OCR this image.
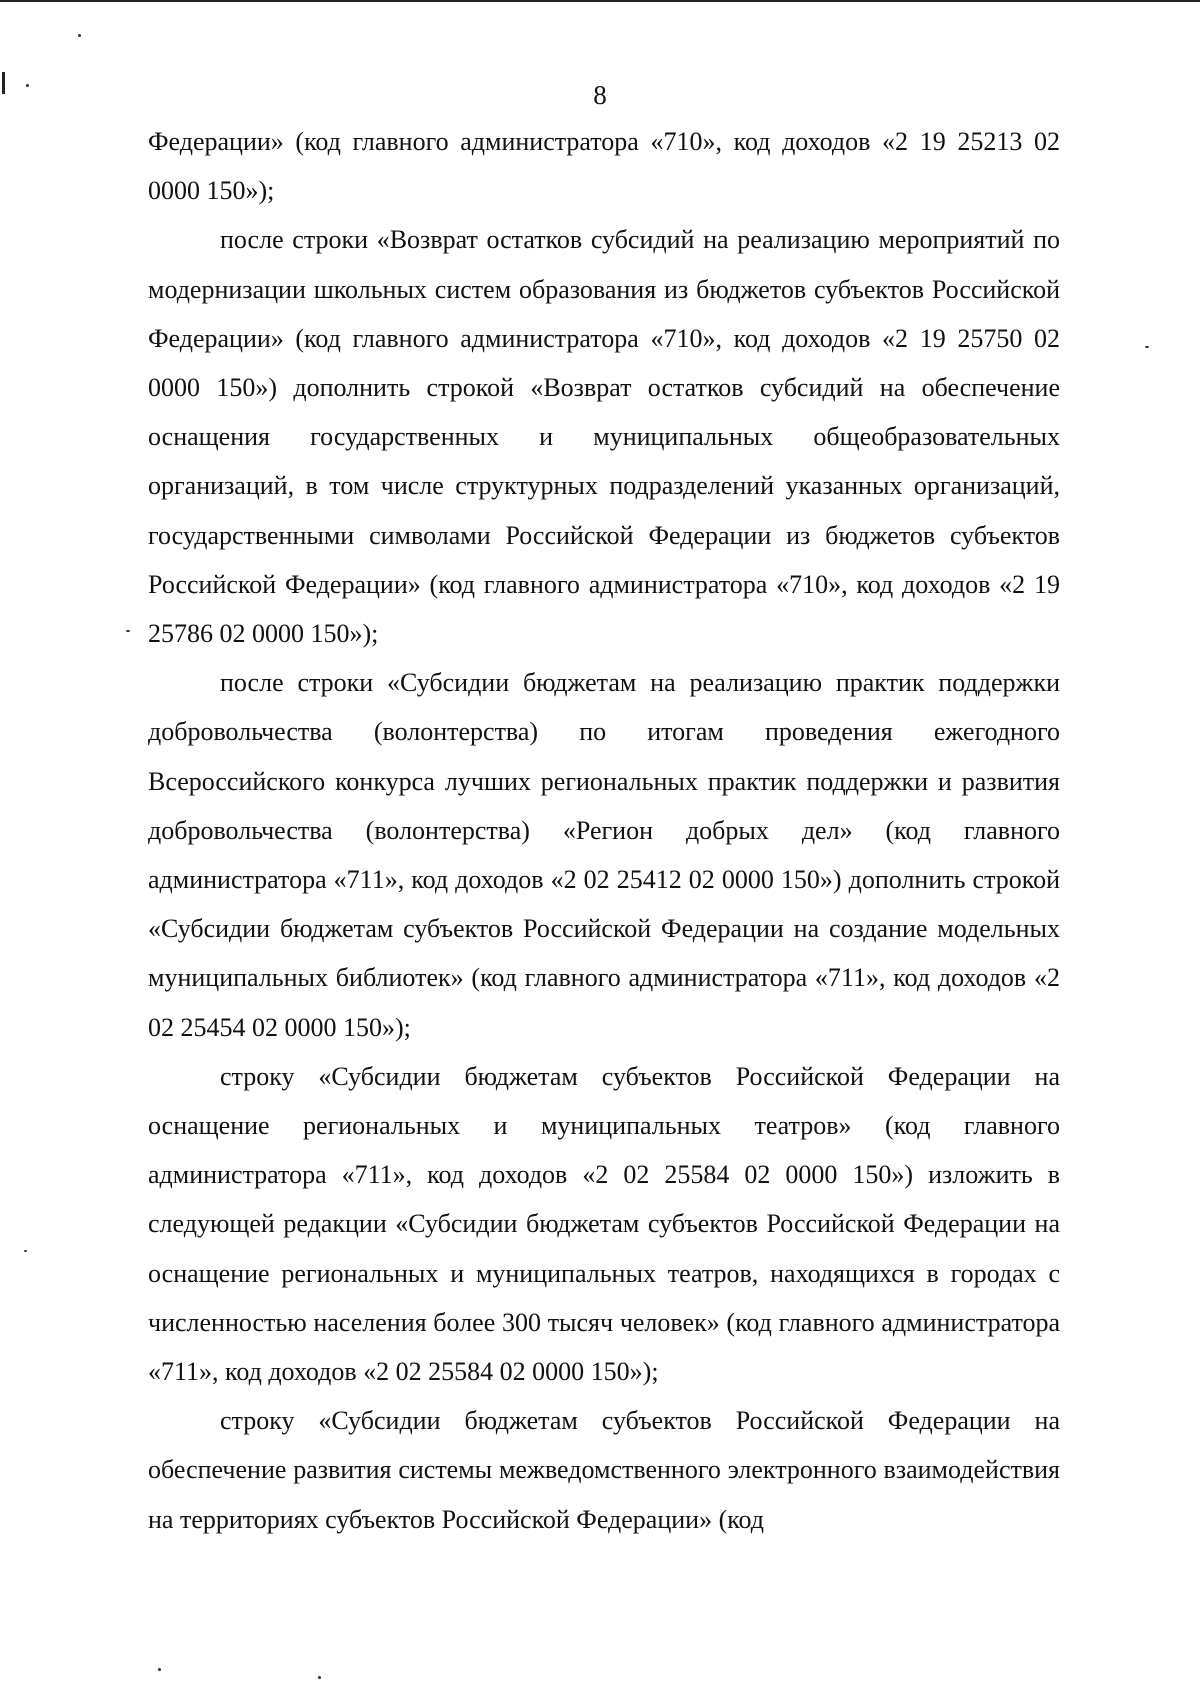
8

Федерации» (код главного администратора «710», код доходов «2 19 25213 02 0000 150»);

после строки «Возврат остатков субсидий на реализацию мероприятий по модернизации школьных систем образования из бюджетов субъектов Российской Федерации» (код главного администратора «710», код доходов «2 19 25750 02 0000 150») дополнить строкой «Возврат остатков субсидий на обеспечение оснащения государственных и муниципальных общеобразовательных организаций, в том числе структурных подразделений указанных организаций, государственными символами Российской Федерации из бюджетов субъектов Российской Федерации» (код главного администратора «710», код доходов «2 19 25786 02 0000 150»);

после строки «Субсидии бюджетам на реализацию практик поддержки добровольчества (волонтерства) по итогам проведения ежегодного Всероссийского конкурса лучших региональных практик поддержки и развития добровольчества (волонтерства) «Регион добрых дел» (код главного администратора «711», код доходов «2 02 25412 02 0000 150») дополнить строкой «Субсидии бюджетам субъектов Российской Федерации на создание модельных муниципальных библиотек» (код главного администратора «711», код доходов «2 02 25454 02 0000 150»);

строку «Субсидии бюджетам субъектов Российской Федерации на оснащение региональных и муниципальных театров» (код главного администратора «711», код доходов «2 02 25584 02 0000 150») изложить в следующей редакции «Субсидии бюджетам субъектов Российской Федерации на оснащение региональных и муниципальных театров, находящихся в городах с численностью населения более 300 тысяч человек» (код главного администратора «711», код доходов «2 02 25584 02 0000 150»);

строку «Субсидии бюджетам субъектов Российской Федерации на обеспечение развития системы межведомственного электронного взаимодействия на территориях субъектов Российской Федерации» (код
